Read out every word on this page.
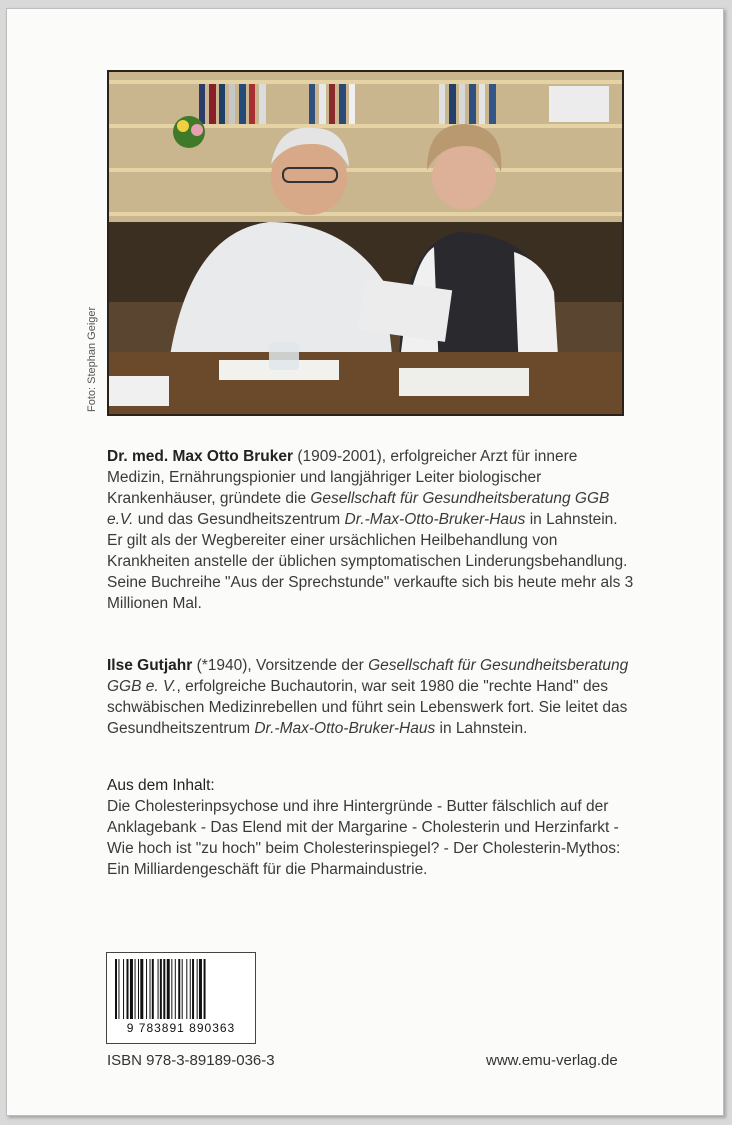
Foto: Stephan Geiger

Dr. med. Max Otto Bruker (1909-2001), erfolgreicher Arzt für innere Medizin, Ernährungspionier und langjähriger Leiter biologischer Krankenhäuser, gründete die Gesellschaft für Gesundheitsberatung GGB e.V. und das Gesundheitszentrum Dr.-Max-Otto-Bruker-Haus in Lahnstein. Er gilt als der Wegbereiter einer ursächlichen Heilbehandlung von Krankheiten anstelle der üblichen symptomatischen Linderungsbehandlung. Seine Buchreihe "Aus der Sprechstunde" verkaufte sich bis heute mehr als 3 Millionen Mal.

Ilse Gutjahr (*1940), Vorsitzende der Gesellschaft für Gesundheitsberatung GGB e. V., erfolgreiche Buchautorin, war seit 1980 die "rechte Hand" des schwäbischen Medizinrebellen und führt sein Lebenswerk fort. Sie leitet das Gesundheitszentrum Dr.-Max-Otto-Bruker-Haus in Lahnstein.

Aus dem Inhalt:

Die Cholesterinpsychose und ihre Hintergründe - Butter fälschlich auf der Anklagebank - Das Elend mit der Margarine - Cholesterin und Herzinfarkt - Wie hoch ist "zu hoch" beim Cholesterinspiegel? - Der Cholesterin-Mythos: Ein Milliardengeschäft für die Pharmaindustrie.

9 783891 890363
ISBN 978-3-89189-036-3	www.emu-verlag.de
